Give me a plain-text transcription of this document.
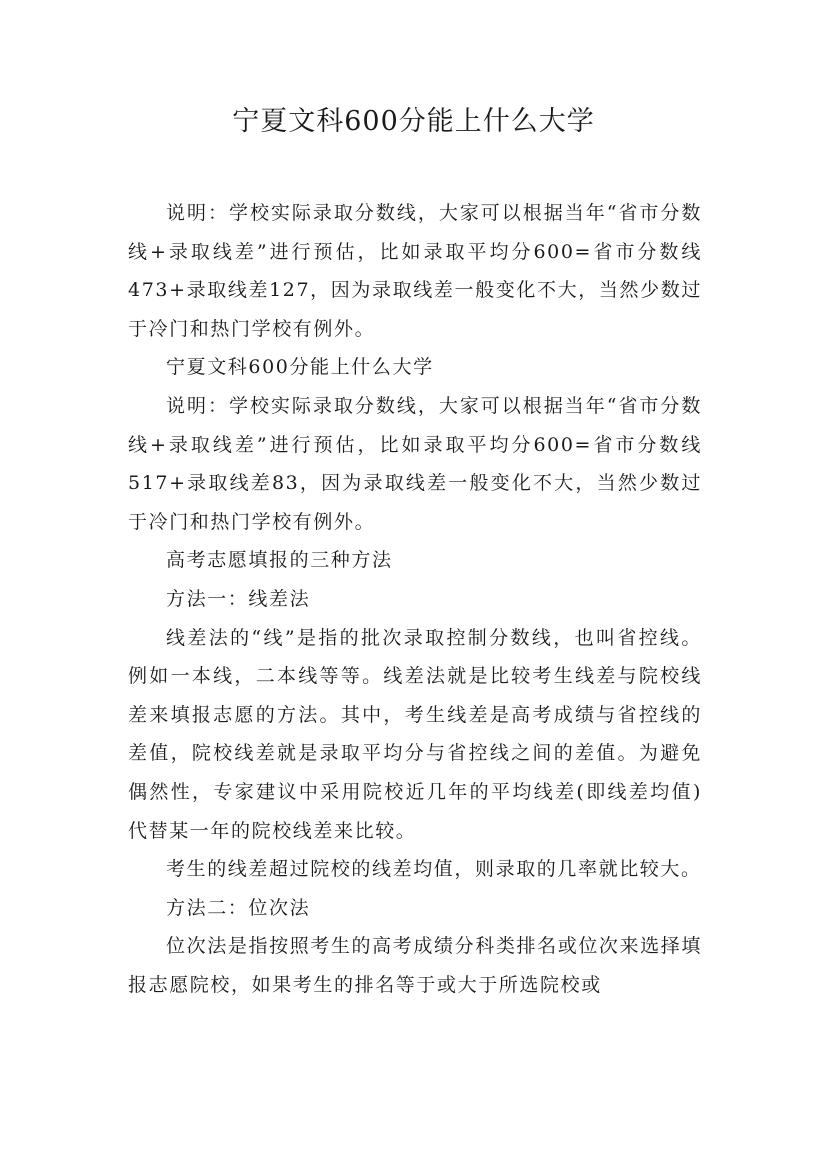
宁夏文科600分能上什么大学

说明：学校实际录取分数线，大家可以根据当年“省市分数线+录取线差”进行预估，比如录取平均分600=省市分数线473+录取线差127，因为录取线差一般变化不大，当然少数过于冷门和热门学校有例外。

宁夏文科600分能上什么大学

说明：学校实际录取分数线，大家可以根据当年“省市分数线+录取线差”进行预估，比如录取平均分600=省市分数线517+录取线差83，因为录取线差一般变化不大，当然少数过于冷门和热门学校有例外。

高考志愿填报的三种方法

方法一：线差法

线差法的“线”是指的批次录取控制分数线，也叫省控线。例如一本线，二本线等等。线差法就是比较考生线差与院校线差来填报志愿的方法。其中，考生线差是高考成绩与省控线的差值，院校线差就是录取平均分与省控线之间的差值。为避免偶然性，专家建议中采用院校近几年的平均线差(即线差均值)代替某一年的院校线差来比较。

考生的线差超过院校的线差均值，则录取的几率就比较大。

方法二：位次法

位次法是指按照考生的高考成绩分科类排名或位次来选择填报志愿院校，如果考生的排名等于或大于所选院校或
